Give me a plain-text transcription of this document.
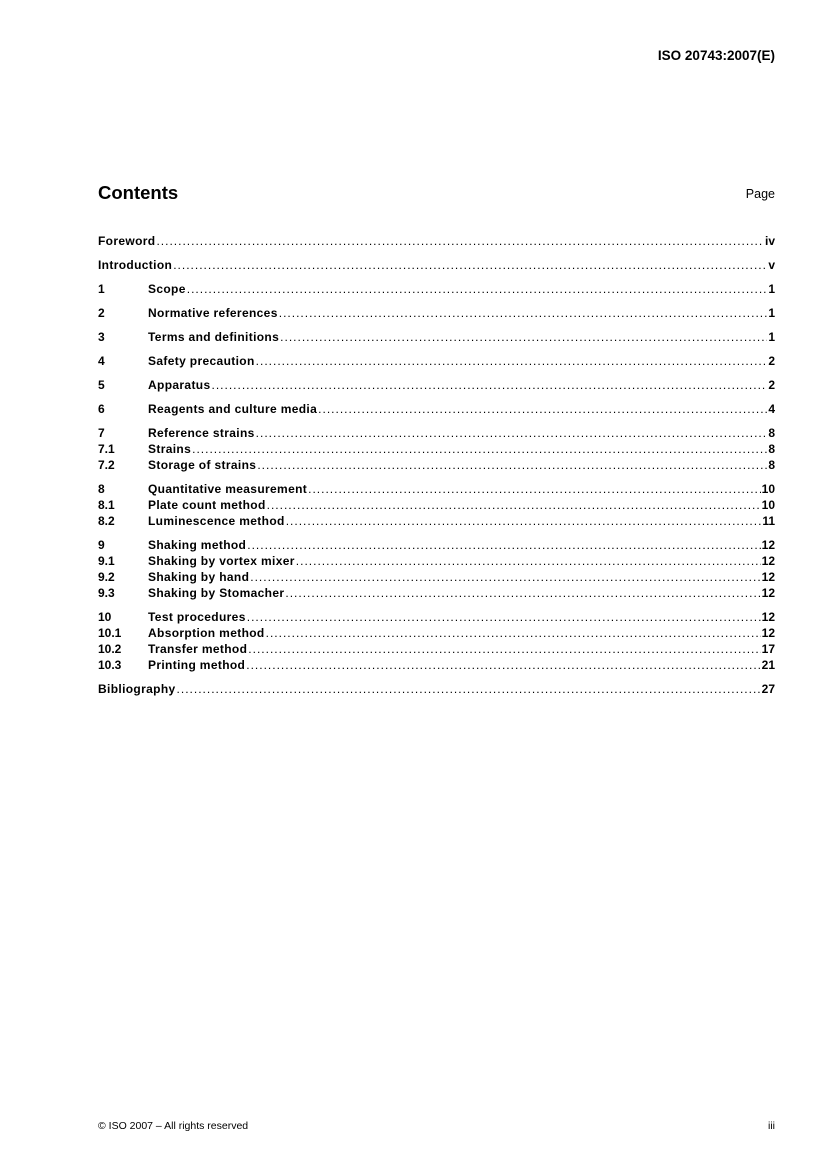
ISO 20743:2007(E)
Contents	Page
Foreword .....	iv
Introduction .....	v
1	Scope .....	1
2	Normative references .....	1
3	Terms and definitions .....	1
4	Safety precaution .....	2
5	Apparatus .....	2
6	Reagents and culture media .....	4
7	Reference strains .....	8
7.1	Strains .....	8
7.2	Storage of strains .....	8
8	Quantitative measurement .....	10
8.1	Plate count method .....	10
8.2	Luminescence method .....	11
9	Shaking method .....	12
9.1	Shaking by vortex mixer .....	12
9.2	Shaking by hand .....	12
9.3	Shaking by Stomacher .....	12
10	Test procedures .....	12
10.1	Absorption method .....	12
10.2	Transfer method .....	17
10.3	Printing method .....	21
Bibliography .....	27
© ISO 2007 – All rights reserved	iii
